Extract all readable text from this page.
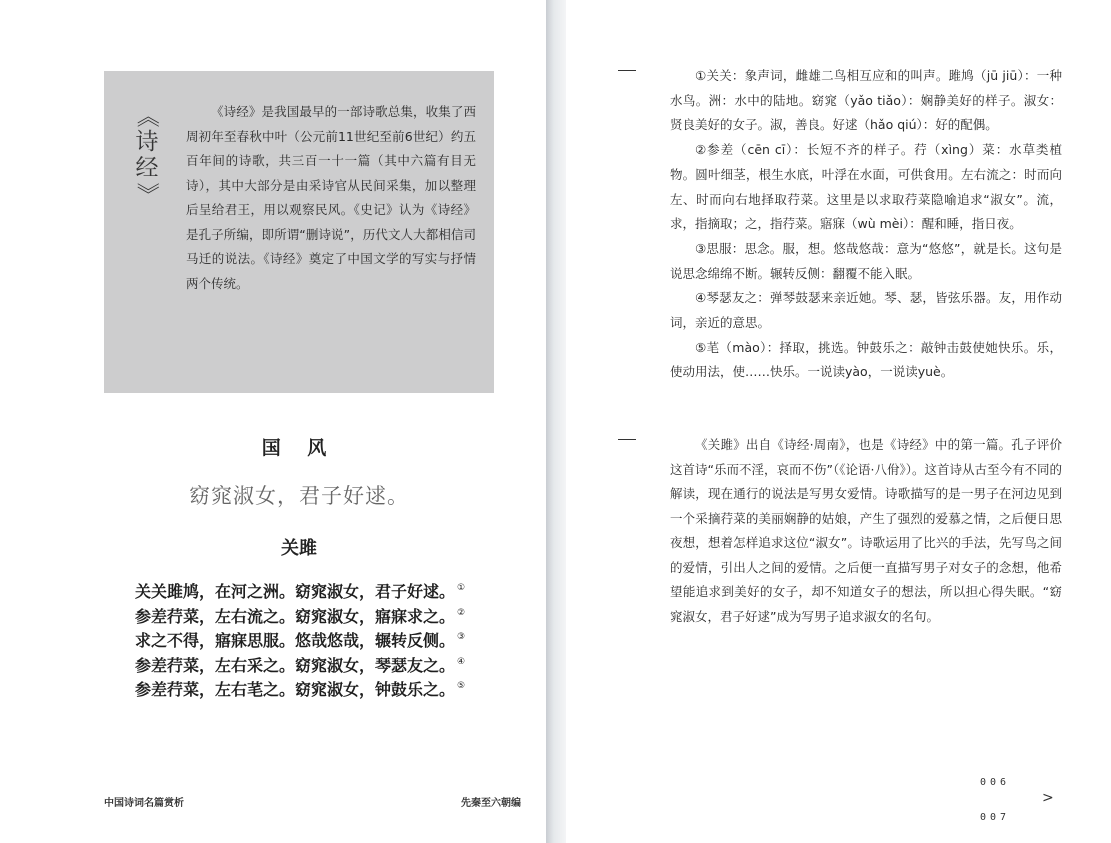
《
诗
经
》
《诗经》是我国最早的一部诗歌总集，收集了西周初年至春秋中叶（公元前11世纪至前6世纪）约五百年间的诗歌，共三百一十一篇（其中六篇有目无诗），其中大部分是由采诗官从民间采集，加以整理后呈给君王，用以观察民风。《史记》认为《诗经》是孔子所编，即所谓“删诗说”，历代文人大都相信司马迁的说法。《诗经》奠定了中国文学的写实与抒情两个传统。
国 风
窈窕淑女，君子好逑。
关雎
关关雎鸠，在河之洲。窈窕淑女，君子好逑。 ①
参差荇菜，左右流之。窈窕淑女，寤寐求之。 ②
求之不得，寤寐思服。悠哉悠哉，辗转反侧。 ③
参差荇菜，左右采之。窈窕淑女，琴瑟友之。 ④
参差荇菜，左右芼之。窈窕淑女，钟鼓乐之。 ⑤
中国诗词名篇赏析	先秦至六朝编

①关关：象声词，雌雄二鸟相互应和的叫声。雎鸠（jū jiū）：一种水鸟。洲：水中的陆地。窈窕（yǎo tiǎo）：娴静美好的样子。淑女：贤良美好的女子。淑，善良。好逑（hǎo qiú）：好的配偶。

②参差（cēn cī）：长短不齐的样子。荇（xìng）菜：水草类植物。圆叶细茎，根生水底，叶浮在水面，可供食用。左右流之：时而向左、时而向右地择取荇菜。这里是以求取荇菜隐喻追求“淑女”。流，求，指摘取；之，指荇菜。寤寐（wù mèi）：醒和睡，指日夜。

③思服：思念。服，想。悠哉悠哉：意为“悠悠”，就是长。这句是说思念绵绵不断。辗转反侧：翻覆不能入眠。

④琴瑟友之：弹琴鼓瑟来亲近她。琴、瑟，皆弦乐器。友，用作动词，亲近的意思。

⑤芼（mào）：择取，挑选。钟鼓乐之：敲钟击鼓使她快乐。乐，使动用法，使……快乐。一说读yào，一说读yuè。

《关雎》出自《诗经·周南》，也是《诗经》中的第一篇。孔子评价这首诗“乐而不淫，哀而不伤”（《论语·八佾》）。这首诗从古至今有不同的解读，现在通行的说法是写男女爱情。诗歌描写的是一男子在河边见到一个采摘荇菜的美丽娴静的姑娘，产生了强烈的爱慕之情，之后便日思夜想，想着怎样追求这位“淑女”。诗歌运用了比兴的手法，先写鸟之间的爱情，引出人之间的爱情。之后便一直描写男子对女子的念想，他希望能追求到美好的女子，却不知道女子的想法，所以担心得失眠。“窈窕淑女，君子好逑”成为写男子追求淑女的名句。

006
007
>
